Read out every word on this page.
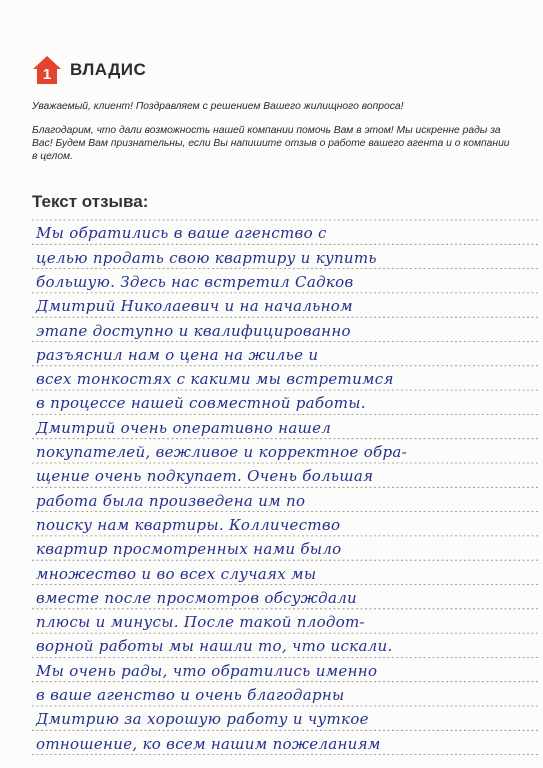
1 ВЛАДИС

Уважаемый, клиент! Поздравляем с решением Вашего жилищного вопроса!

Благодарим, что дали возможность нашей компании помочь Вам в этом! Мы искренне рады за Вас! Будем Вам признательны, если Вы напишите отзыв о работе вашего агента и о компании в целом.

Текст отзыва:
Мы обратились в ваше агенство с
целью продать свою квартиру и купить
большую. Здесь нас встретил Садков
Дмитрий Николаевич и на начальном
этапе доступно и квалифицированно
разъяснил нам о цена на жилье и
всех тонкостях с какими мы встретимся
в процессе нашей совместной работы.
Дмитрий очень оперативно нашел
покупателей, вежливое и корректное обра-
щение очень подкупает. Очень большая
работа была произведена им по
поиску нам квартиры. Колличество
квартир просмотренных нами было
множество и во всех случаях мы
вместе после просмотров обсуждали
плюсы и минусы. После такой плодот-
ворной работы мы нашли то, что искали.
Мы очень рады, что обратились именно
в ваше агенство и очень благодарны
Дмитрию за хорошую работу и чуткое
отношение, ко всем нашим пожеланиям
